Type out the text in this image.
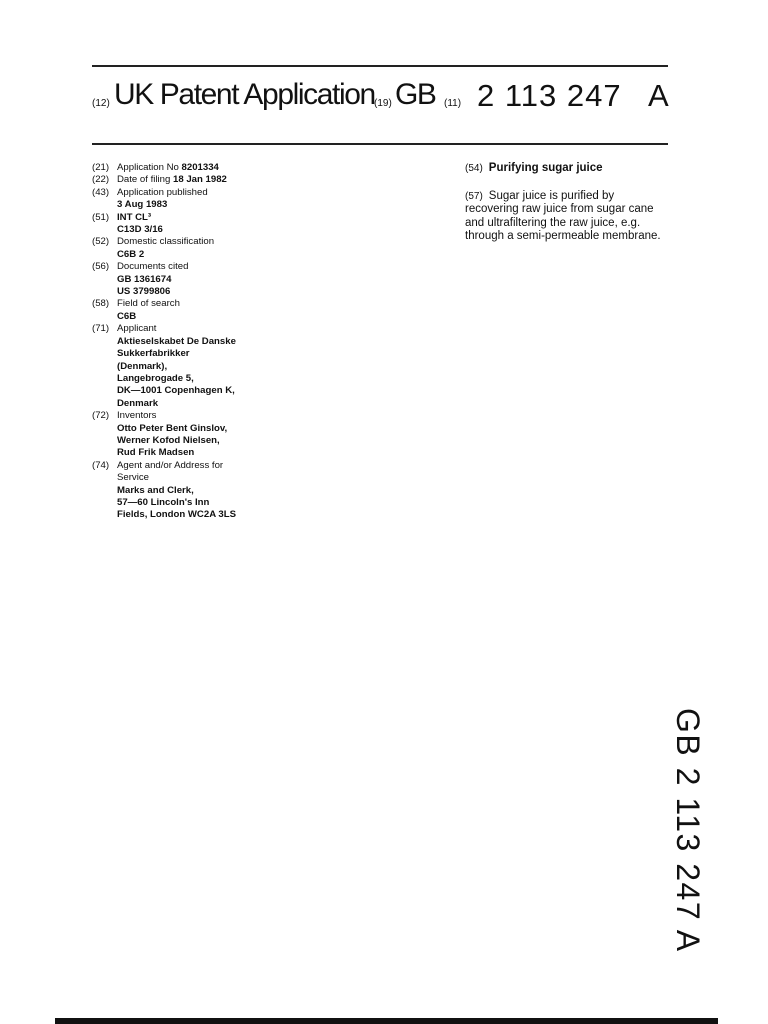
(12) UK Patent Application (19) GB (11) 2 113 247 A
(21) Application No 8201334
(22) Date of filing 18 Jan 1982
(43) Application published
3 Aug 1983
(51) INT CL³
C13D 3/16
(52) Domestic classification
C6B 2
(56) Documents cited
GB 1361674
US 3799806
(58) Field of search
C6B
(71) Applicant
Aktieselskabet De Danske
Sukkerfabrikker
(Denmark),
Langebrogade 5,
DK—1001 Copenhagen K,
Denmark
(72) Inventors
Otto Peter Bent Ginslov,
Werner Kofod Nielsen,
Rud Frik Madsen
(74) Agent and/or Address for
Service
Marks and Clerk,
57—60 Lincoln's Inn
Fields, London WC2A 3LS
(54) Purifying sugar juice
(57) Sugar juice is purified by
recovering raw juice from sugar cane
and ultrafiltering the raw juice, e.g.
through a semi-permeable membrane.
GB 2 113 247 A
